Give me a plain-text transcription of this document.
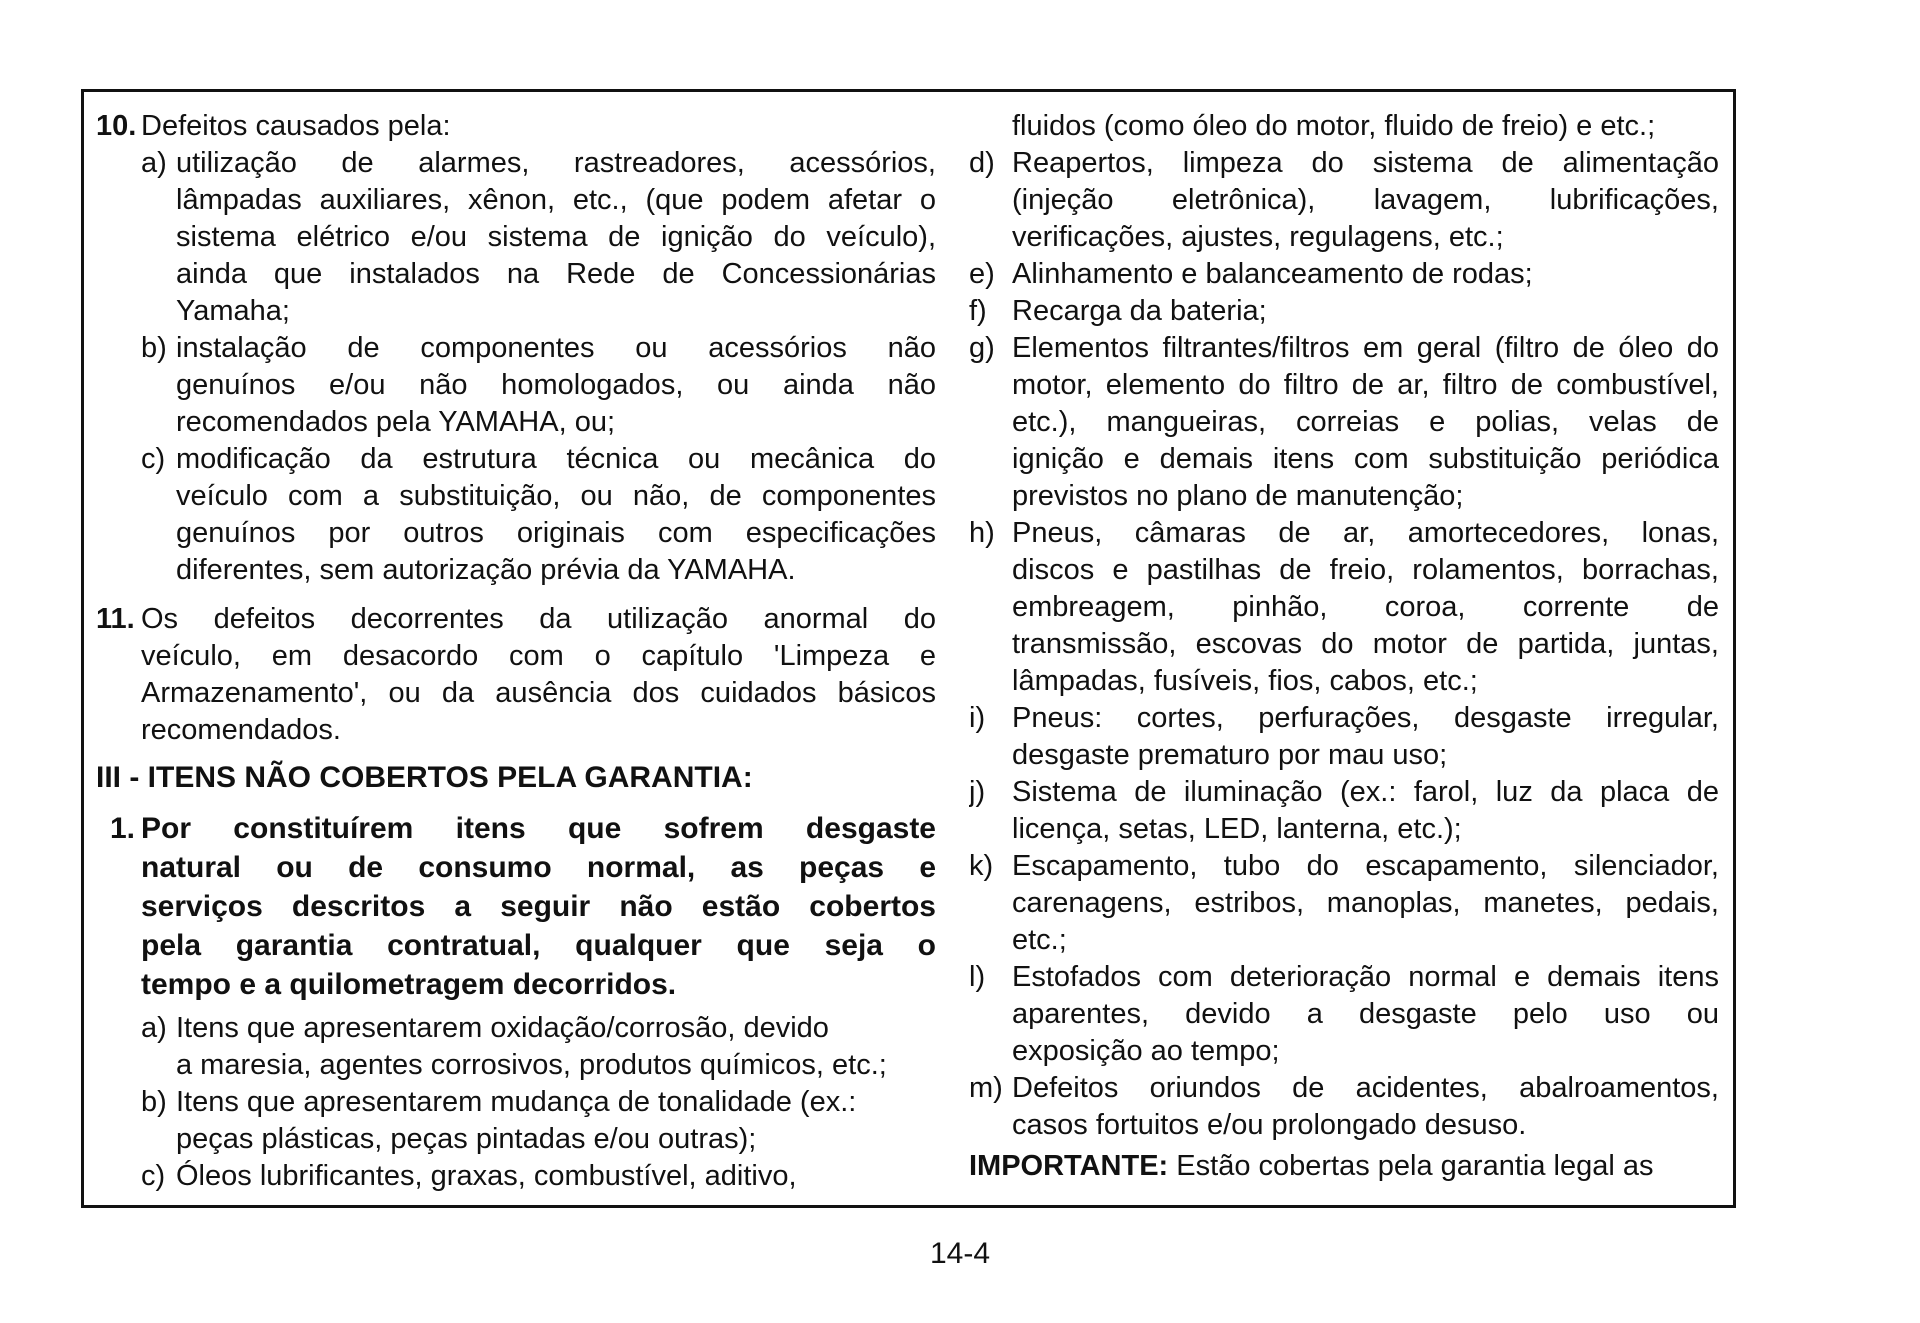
10. Defeitos causados pela:
a) utilização de alarmes, rastreadores, acessórios,
lâmpadas auxiliares, xênon, etc., (que podem afetar o
sistema elétrico e/ou sistema de ignição do veículo),
ainda que instalados na Rede de Concessionárias
Yamaha;
b) instalação de componentes ou acessórios não
genuínos e/ou não homologados, ou ainda não
recomendados pela YAMAHA, ou;
c) modificação da estrutura técnica ou mecânica do
veículo com a substituição, ou não, de componentes
genuínos por outros originais com especificações
diferentes, sem autorização prévia da YAMAHA.
11. Os defeitos decorrentes da utilização anormal do
veículo, em desacordo com o capítulo 'Limpeza e
Armazenamento', ou da ausência dos cuidados básicos
recomendados.
III - ITENS NÃO COBERTOS PELA GARANTIA:
1. Por constituírem itens que sofrem desgaste
natural ou de consumo normal, as peças e
serviços descritos a seguir não estão cobertos
pela garantia contratual, qualquer que seja o
tempo e a quilometragem decorridos.
a) Itens que apresentarem oxidação/corrosão, devido
a maresia, agentes corrosivos, produtos químicos, etc.;
b) Itens que apresentarem mudança de tonalidade (ex.:
peças plásticas, peças pintadas e/ou outras);
c) Óleos lubrificantes, graxas, combustível, aditivo,
fluidos (como óleo do motor, fluido de freio) e etc.;
d) Reapertos, limpeza do sistema de alimentação
(injeção eletrônica), lavagem, lubrificações,
verificações, ajustes, regulagens, etc.;
e) Alinhamento e balanceamento de rodas;
f) Recarga da bateria;
g) Elementos filtrantes/filtros em geral (filtro de óleo do
motor, elemento do filtro de ar, filtro de combustível,
etc.), mangueiras, correias e polias, velas de
ignição e demais itens com substituição periódica
previstos no plano de manutenção;
h) Pneus, câmaras de ar, amortecedores, lonas,
discos e pastilhas de freio, rolamentos, borrachas,
embreagem, pinhão, coroa, corrente de
transmissão, escovas do motor de partida, juntas,
lâmpadas, fusíveis, fios, cabos, etc.;
i) Pneus: cortes, perfurações, desgaste irregular,
desgaste prematuro por mau uso;
j) Sistema de iluminação (ex.: farol, luz da placa de
licença, setas, LED, lanterna, etc.);
k) Escapamento, tubo do escapamento, silenciador,
carenagens, estribos, manoplas, manetes, pedais,
etc.;
l) Estofados com deterioração normal e demais itens
aparentes, devido a desgaste pelo uso ou
exposição ao tempo;
m) Defeitos oriundos de acidentes, abalroamentos,
casos fortuitos e/ou prolongado desuso.
IMPORTANTE: Estão cobertas pela garantia legal as
14-4
